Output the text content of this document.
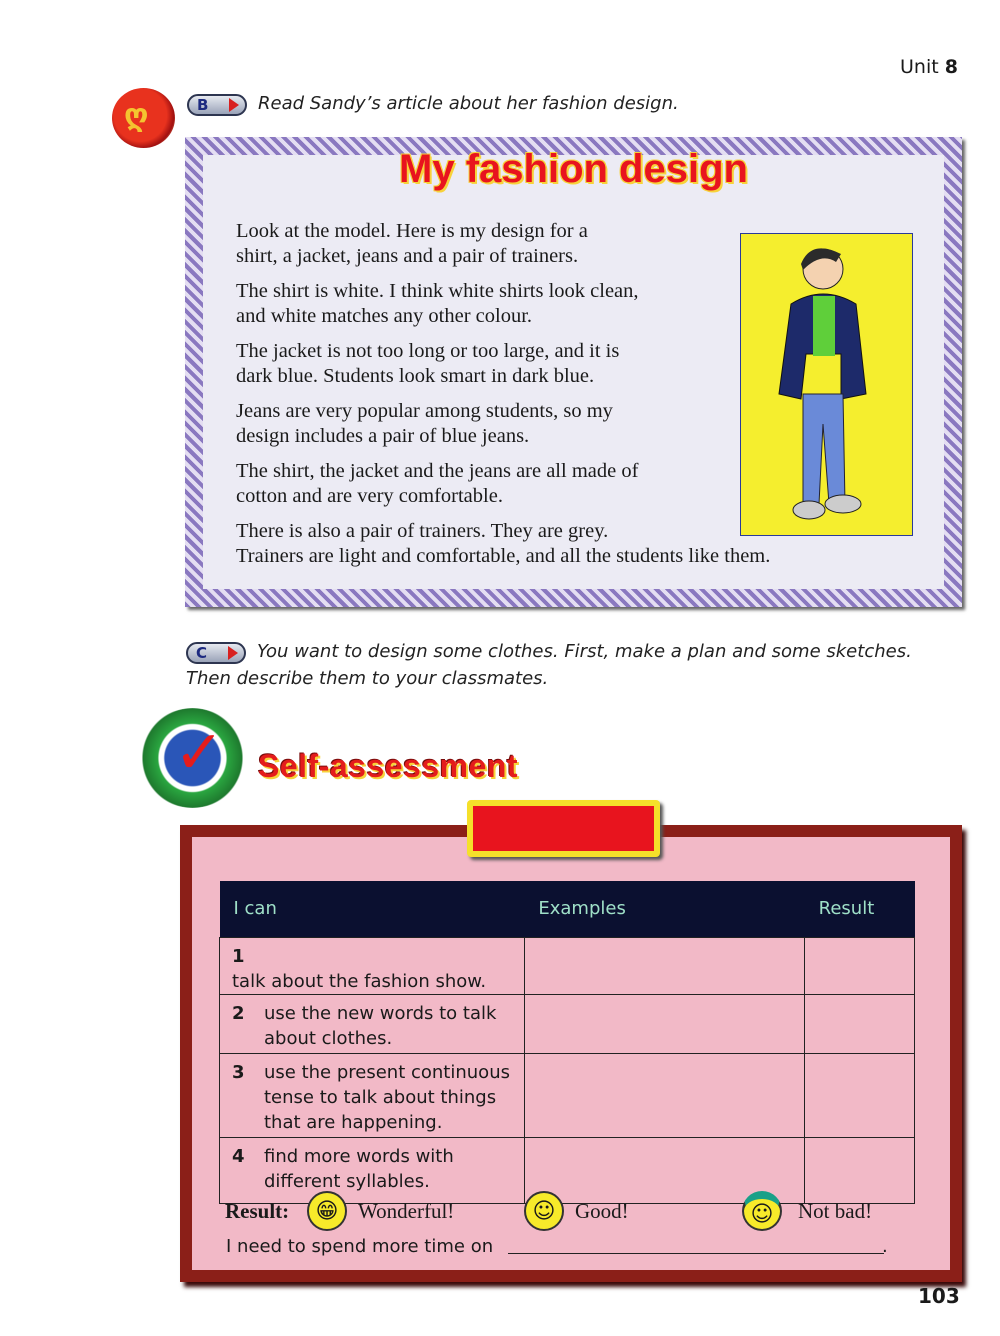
Unit 8
ღ	B	Read Sandy’s article about her fashion design.
My fashion design
Look at the model. Here is my design for a
shirt, a jacket, jeans and a pair of trainers.
The shirt is white. I think white shirts look clean,
and white matches any other colour.
The jacket is not too long or too large, and it is
dark blue. Students look smart in dark blue.
Jeans are very popular among students, so my
design includes a pair of blue jeans.
The shirt, the jacket and the jeans are all made of
cotton and are very comfortable.
There is also a pair of trainers. They are grey.
Trainers are light and comfortable, and all the students like them.
C	You want to design some clothes. First, make a plan and some sketches.
Then describe them to your classmates.
✓ Self-assessment
I can	Examples	Result
1talk about the fashion show.		
2 use the new words to talk about clothes.		
3 use the present continuous tense to talk about things that are happening.		
4 find more words with different syllables.		
Result:	😁 Wonderful!	☺ Good!	☺	Not bad!
I need to spend more time on	.
103
